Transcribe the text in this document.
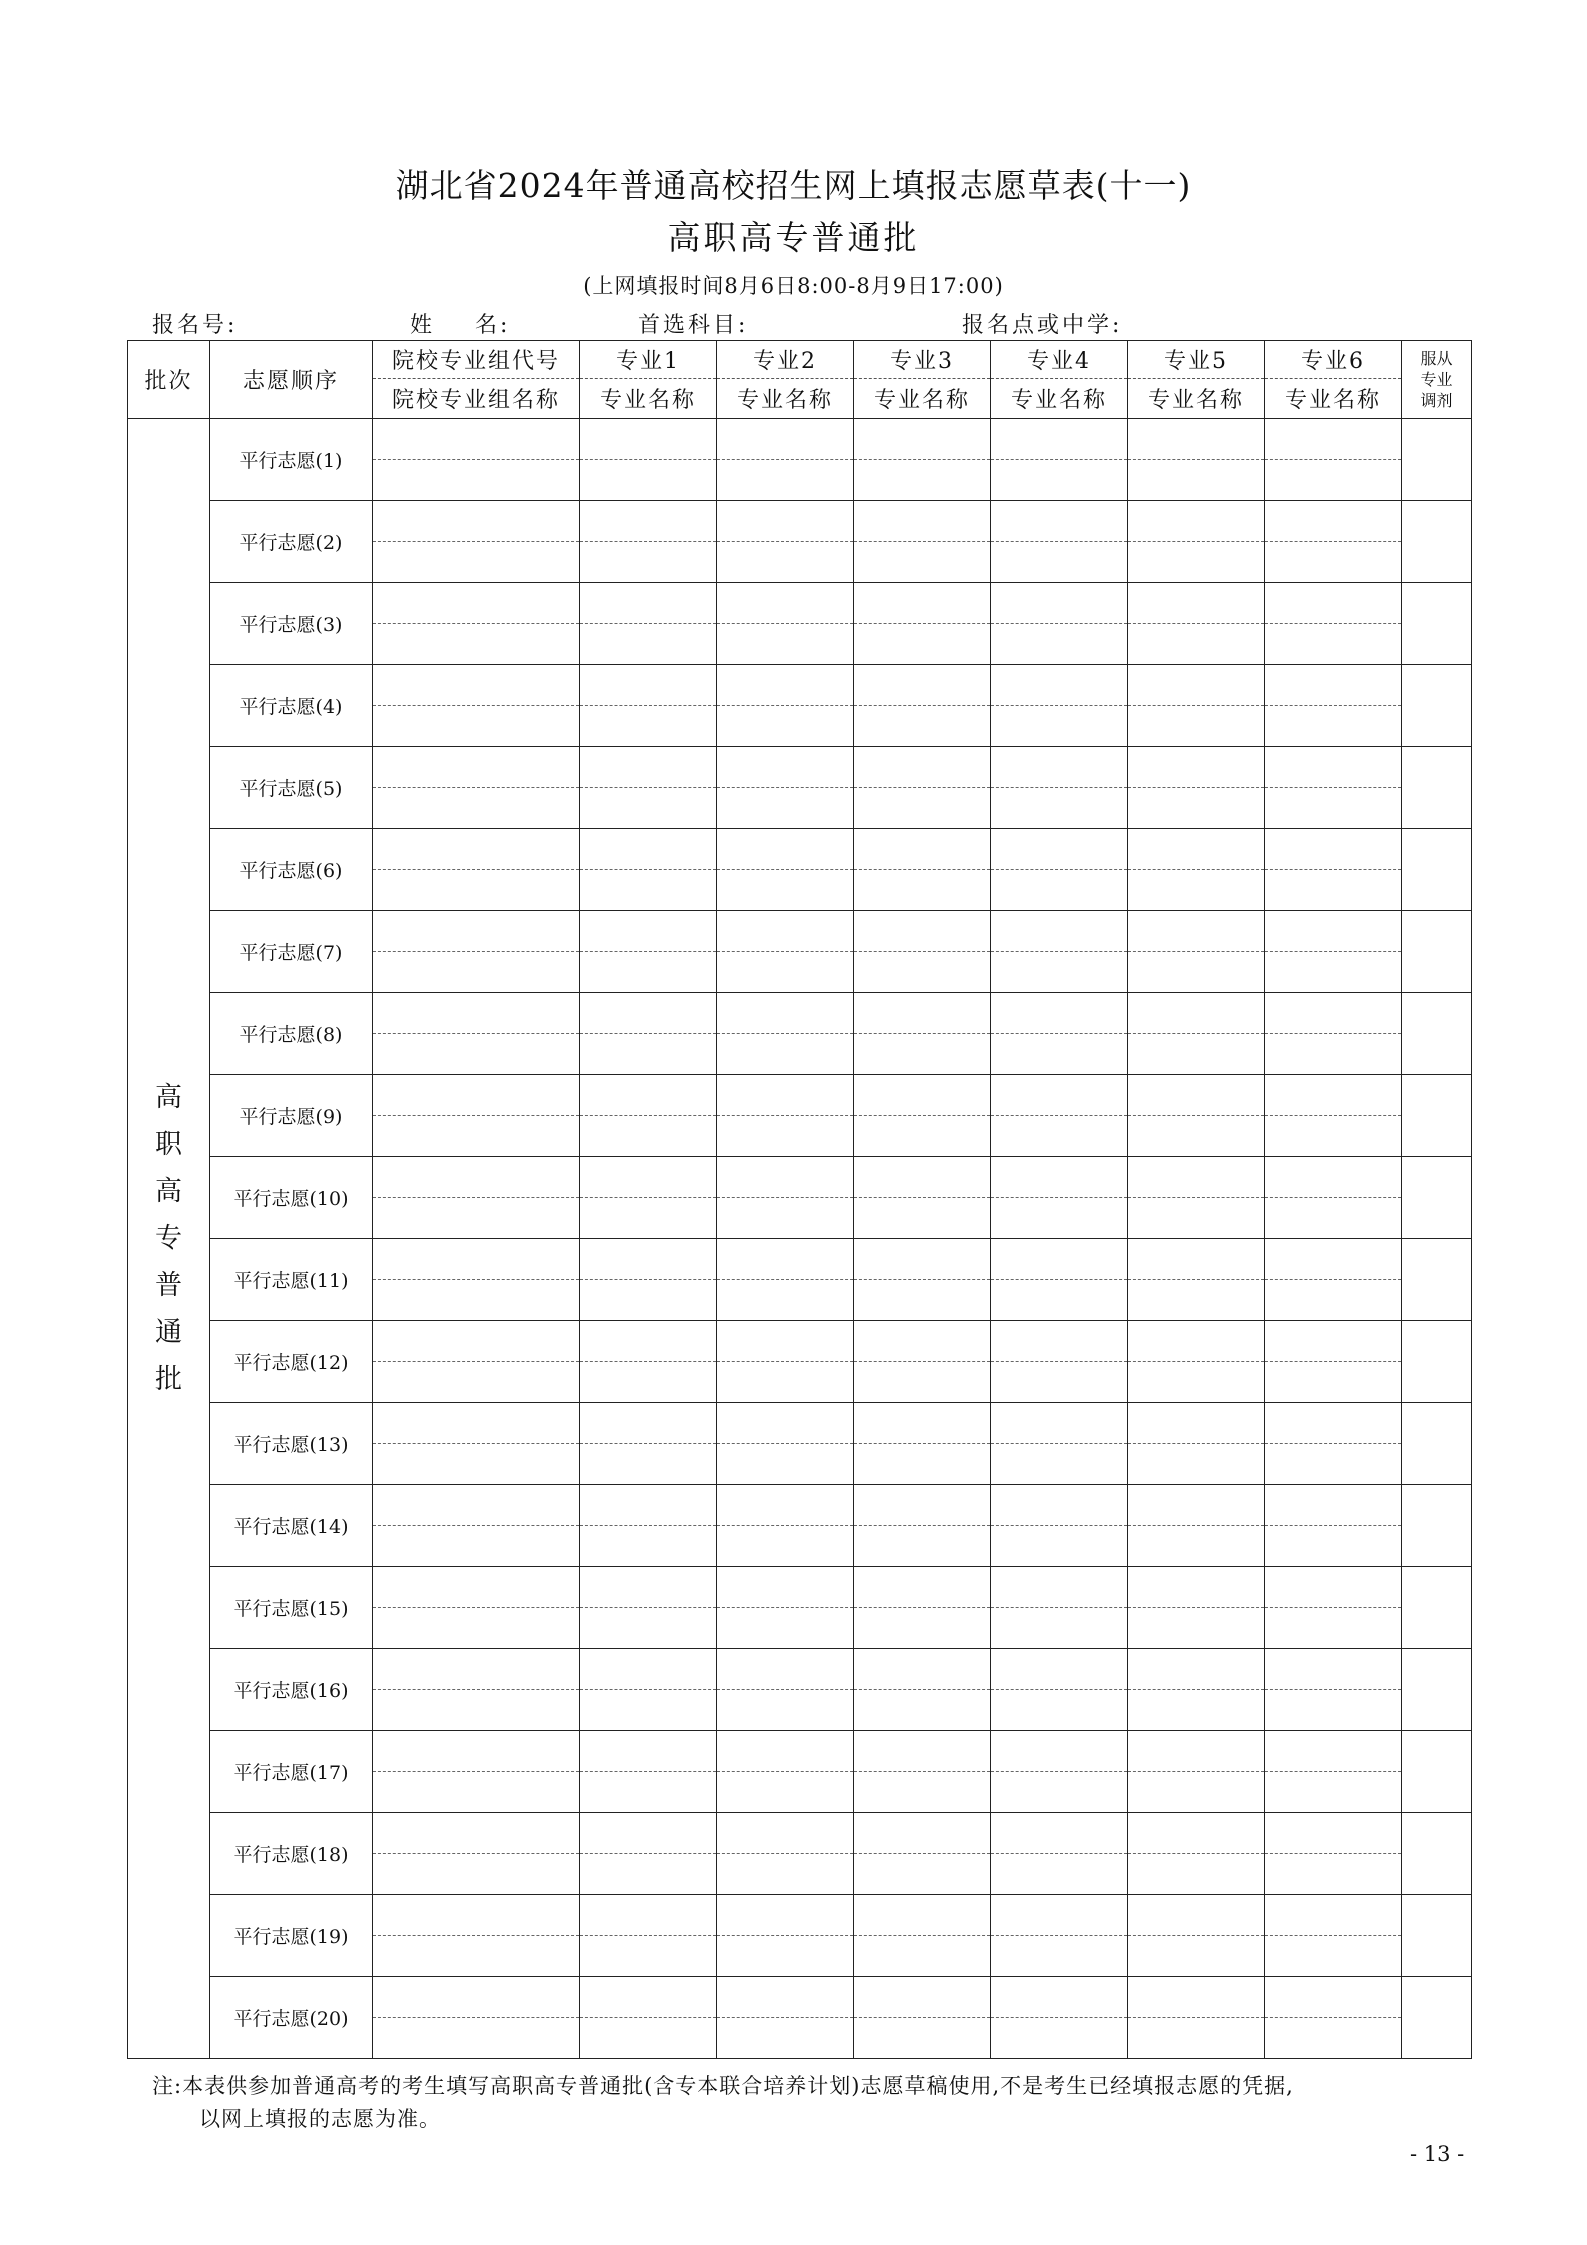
湖北省2024年普通高校招生网上填报志愿草表(十一)
高职高专普通批
(上网填报时间8月6日8:00-8月9日17:00)
报名号:	姓    名:	首选科目:	报名点或中学:
批次	志愿顺序	院校专业组代号	专业1	专业2	专业3	专业4	专业5	专业6	服从专业调剂

		院校专业组名称	专业名称	专业名称	专业名称	专业名称	专业名称	专业名称	

高职高专普通批	平行志愿(1)	

	平行志愿(2)	

	平行志愿(3)	

	平行志愿(4)	

	平行志愿(5)	

	平行志愿(6)	

	平行志愿(7)	

	平行志愿(8)	

	平行志愿(9)	

	平行志愿(10)	

	平行志愿(11)	

	平行志愿(12)	

	平行志愿(13)	

	平行志愿(14)	

	平行志愿(15)	

	平行志愿(16)	

	平行志愿(17)	

	平行志愿(18)	

	平行志愿(19)	

	平行志愿(20)	

注:本表供参加普通高考的考生填写高职高专普通批(含专本联合培养计划)志愿草稿使用,不是考生已经填报志愿的凭据,
以网上填报的志愿为准。
- 13 -
